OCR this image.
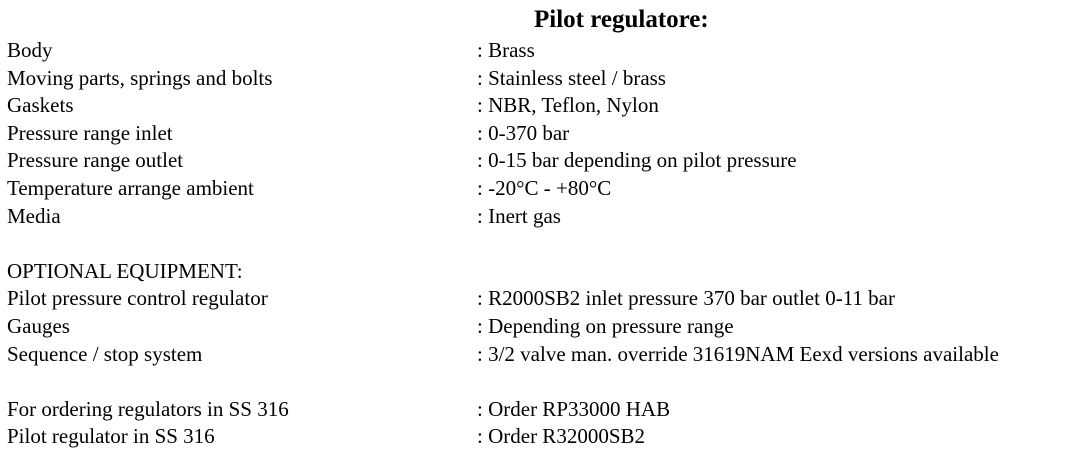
Pilot regulatore:
Body	: Brass
Moving parts, springs and bolts	: Stainless steel / brass
Gaskets	: NBR, Teflon, Nylon
Pressure range inlet	: 0-370 bar
Pressure range outlet	: 0-15 bar depending on pilot pressure
Temperature arrange ambient	: -20°C - +80°C
Media	: Inert gas
OPTIONAL EQUIPMENT:
Pilot pressure control regulator	: R2000SB2 inlet pressure 370 bar outlet 0-11 bar
Gauges	: Depending on pressure range
Sequence / stop system	: 3/2 valve man. override 31619NAM Eexd versions available
For ordering regulators in SS 316	: Order RP33000 HAB
Pilot regulator in SS 316	: Order R32000SB2
